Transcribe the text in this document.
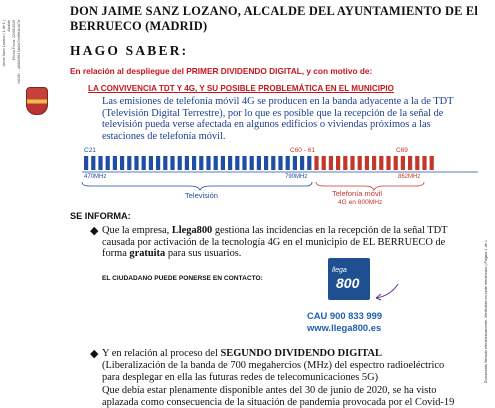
Jaime Sanz Lozano ( 1 de 1 ) Alcalde Fecha Firma: 22/06/2020 HASH: ...a0d2b9617ab0a7ce8fb1c4b7a
Documento firmado electrónicamente. Verificable en sede electrónica | Página 1 de 1
DON JAIME SANZ LOZANO, ALCALDE DEL AYUNTAMIENTO DE El
BERRUECO (MADRID)
HAGO SABER:
En relación al despliegue del PRIMER DIVIDENDO DIGITAL, y con motivo de:
LA CONVIVENCIA TDT Y 4G, Y SU POSIBLE PROBLEMÁTICA EN EL MUNICIPIO
Las emisiones de telefonía móvil 4G se producen en la banda adyacente a la de TDT (Televisión Digital Terrestre), por lo que es posible que la recepción de la señal de televisión pueda verse afectada en algunos edificios o viviendas próximos a las estaciones de telefonía móvil.
C21	C60 - 61	C69
470MHz	790MHz	862MHz
Televisión	Telefonía móvil
4G en 800MHz
SE INFORMA:
◆ Que la empresa, Llega800 gestiona las incidencias en la recepción de la señal TDT causada por activación de la tecnología 4G en el municipio de EL BERRUECO de forma gratuita para sus usuarios.
EL CIUDADANO PUEDE PONERSE EN CONTACTO:
llega
800
CAU 900 833 999
www.llega800.es
◆ Y en relación al proceso del SEGUNDO DIVIDENDO DIGITAL
(Liberalización de la banda de 700 megahercios (MHz) del espectro radioeléctrico para desplegar en ella las futuras redes de telecomunicaciones 5G)
Que debía estar plenamente disponible antes del 30 de junio de 2020, se ha visto aplazada como consecuencia de la situación de pandemia provocada por el Covid-19
